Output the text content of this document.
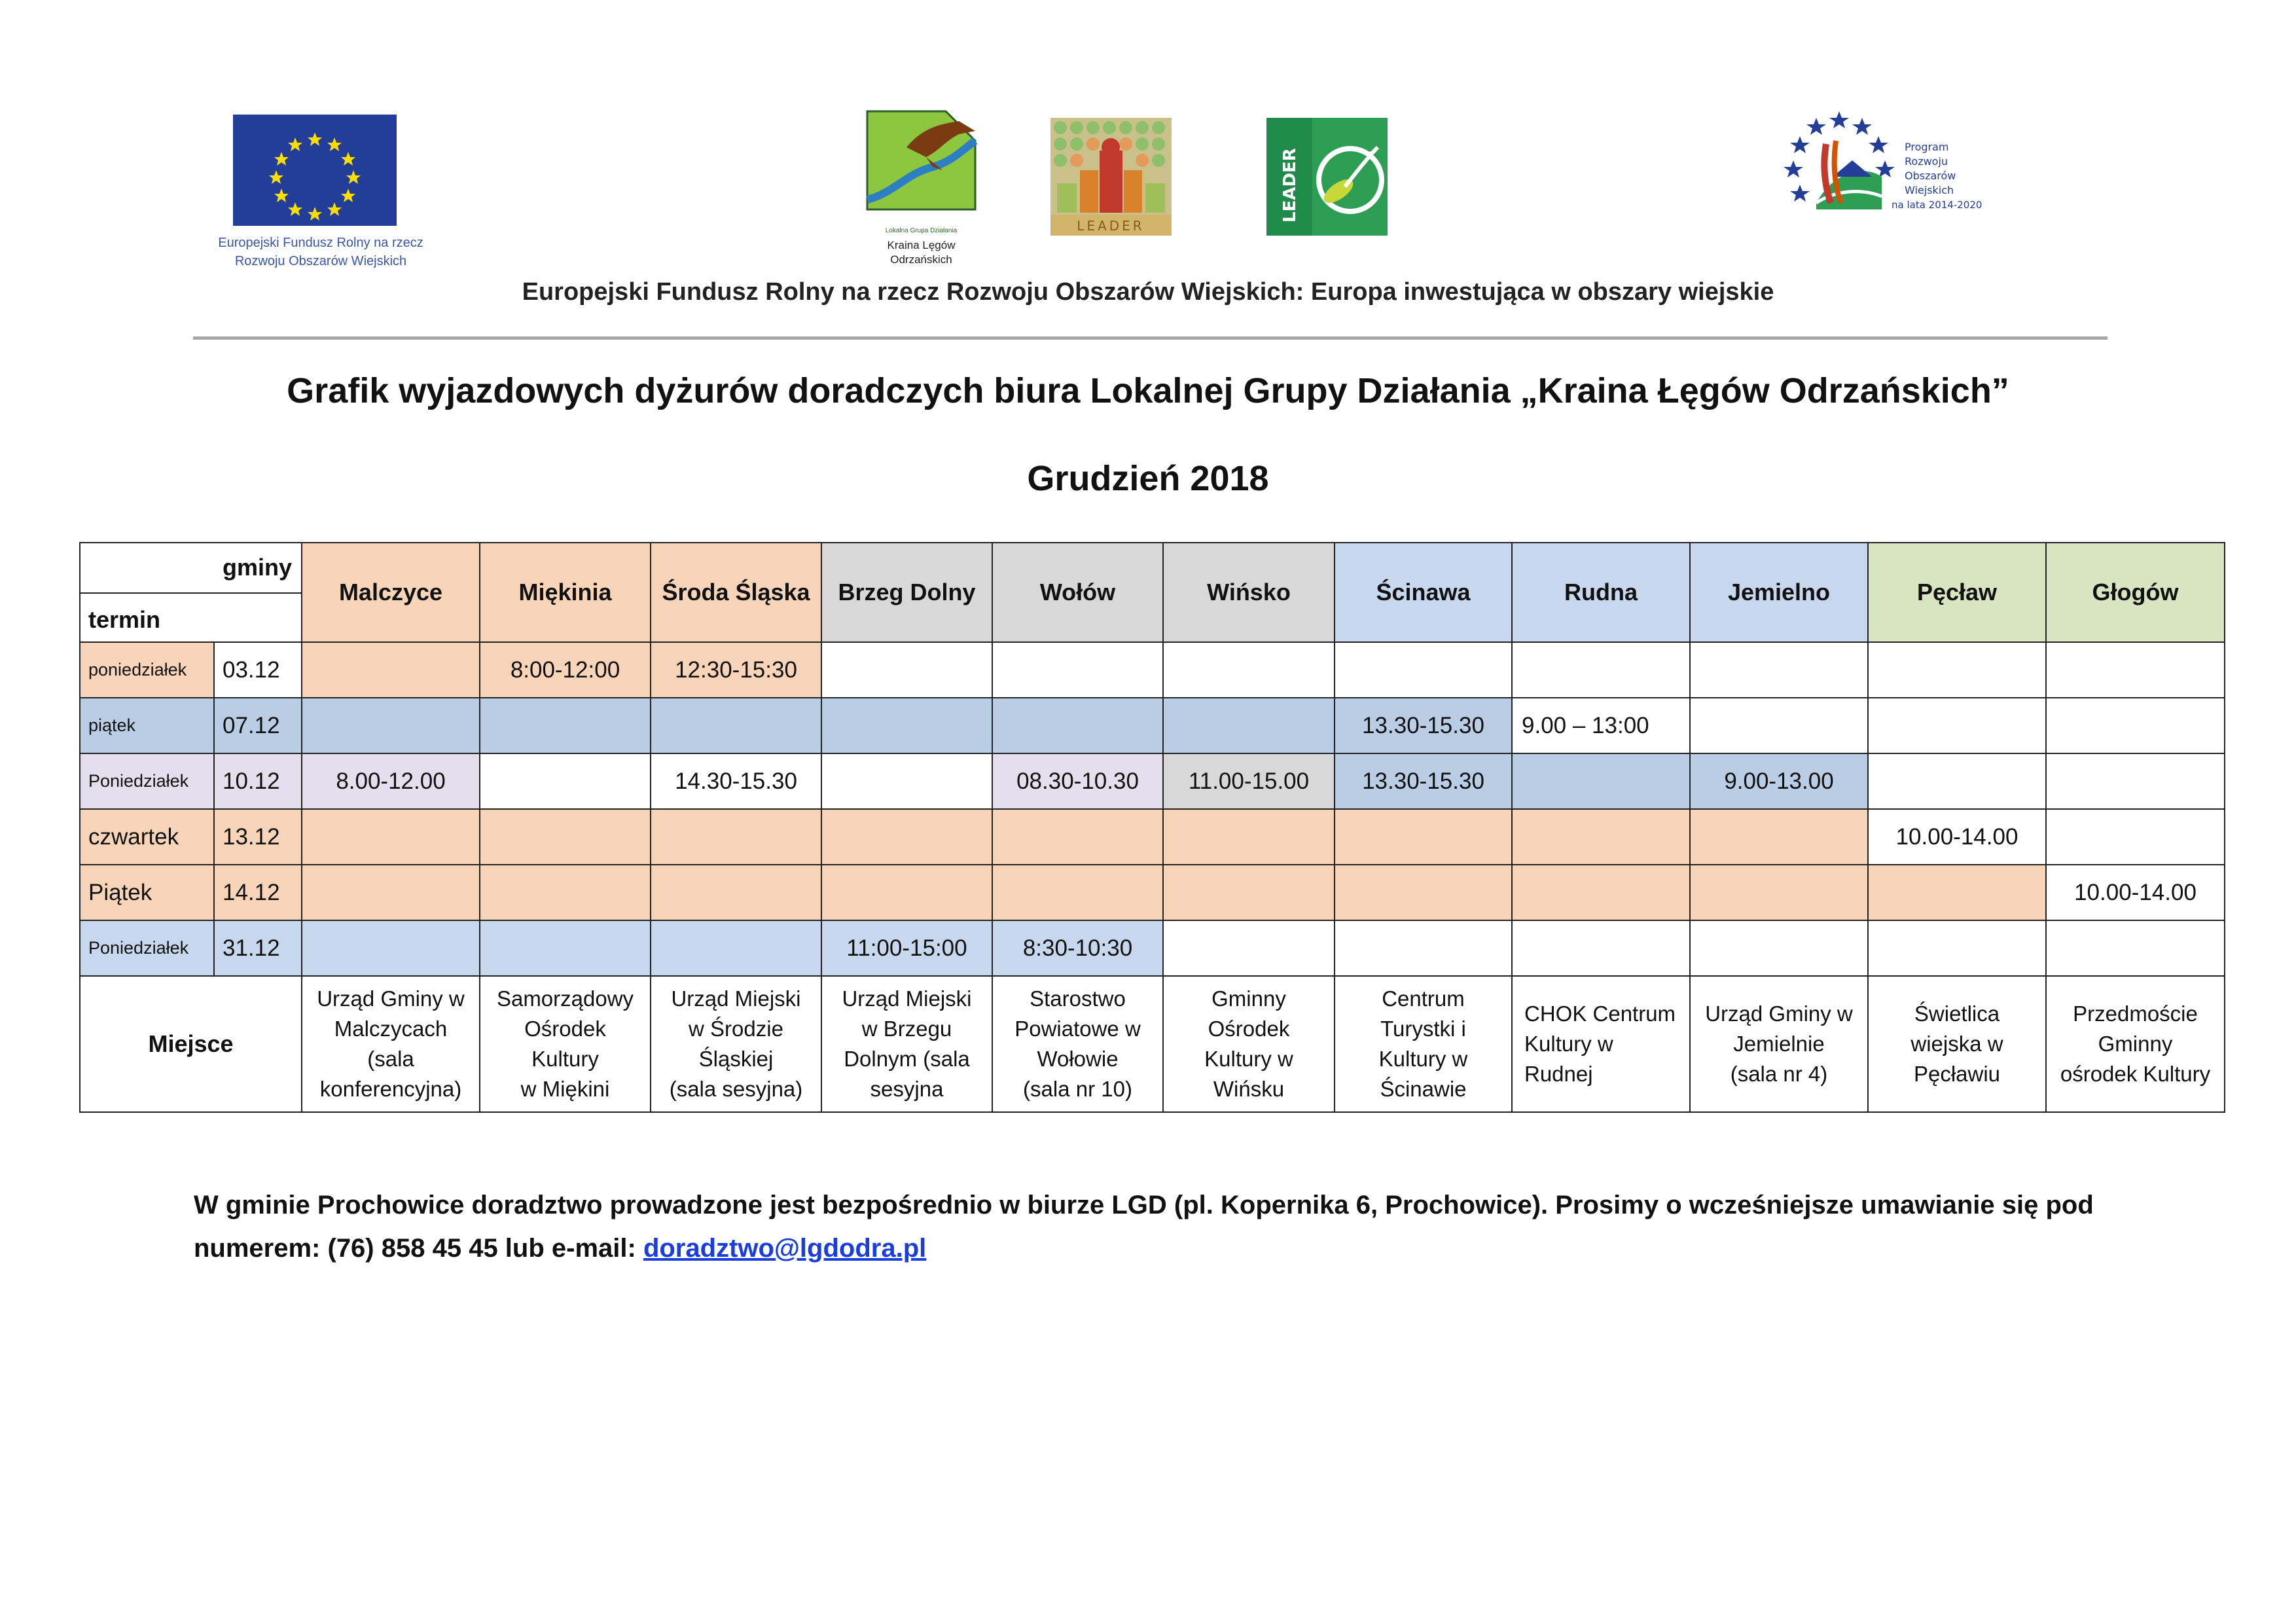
Europejski Fundusz Rolny na rzecz
Rozwoju Obszarów Wiejskich
Lokalna Grupa Działania
Kraina Lęgów
Odrzańskich
LEADER
LEADER
Program
Rozwoju
Obszarów
Wiejskich
na lata 2014-2020
Europejski Fundusz Rolny na rzecz Rozwoju Obszarów Wiejskich: Europa inwestująca w obszary wiejskie
Grafik wyjazdowych dyżurów doradczych biura Lokalnej Grupy Działania „Kraina Łęgów Odrzańskich”
Grudzień 2018
gminy
termin		Malczyce	Miękinia	Środa Śląska	Brzeg Dolny	Wołów	Wińsko	Ścinawa	Rudna	Jemielno	Pęcław	Głogów
poniedziałek	03.12		8:00-12:00	12:30-15:30								
piątek	07.12							13.30-15.30	9.00 – 13:00			
Poniedziałek	10.12	8.00-12.00		14.30-15.30		08.30-10.30	11.00-15.00	13.30-15.30		9.00-13.00		
czwartek	13.12										10.00-14.00	
Piątek	14.12											10.00-14.00
Poniedziałek	31.12				11:00-15:00	8:30-10:30						
Miejsce		Urząd Gminy w
Malczycach
(sala
konferencyjna)	Samorządowy
Ośrodek
Kultury
w Miękini	Urząd Miejski
w Środzie
Śląskiej
(sala sesyjna)	Urząd Miejski
w Brzegu
Dolnym (sala
sesyjna	Starostwo
Powiatowe w
Wołowie
(sala nr 10)	Gminny
Ośrodek
Kultury w
Wińsku	Centrum
Turystki i
Kultury w
Ścinawie	CHOK Centrum
Kultury w
Rudnej	Urząd Gminy w
Jemielnie
(sala nr 4)	Świetlica
wiejska w
Pęcławiu	Przedmoście
Gminny
ośrodek Kultury
W gminie Prochowice doradztwo prowadzone jest bezpośrednio w biurze LGD (pl. Kopernika 6, Prochowice). Prosimy o wcześniejsze umawianie się pod
numerem: (76) 858 45 45 lub e-mail: doradztwo@lgdodra.pl
